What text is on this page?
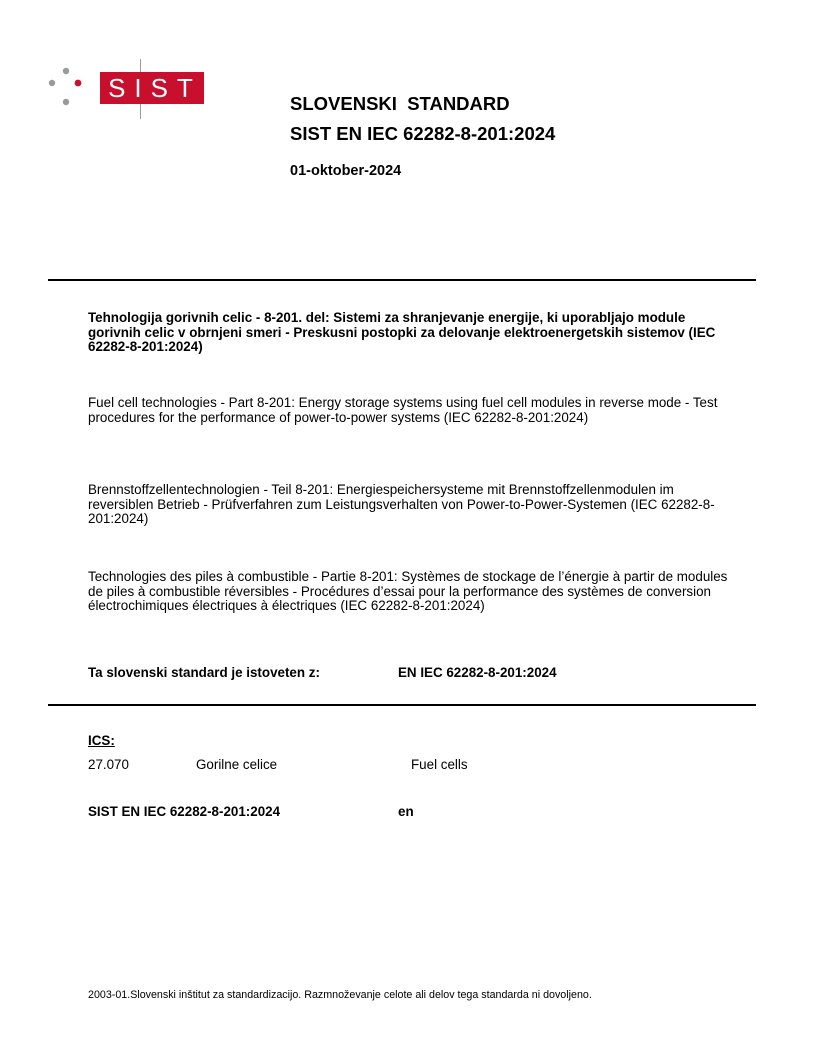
SIST
SLOVENSKI  STANDARD
SIST EN IEC 62282-8-201:2024
01-oktober-2024
Tehnologija gorivnih celic - 8-201. del: Sistemi za shranjevanje energije, ki uporabljajo module gorivnih celic v obrnjeni smeri - Preskusni postopki za delovanje elektroenergetskih sistemov (IEC 62282-8-201:2024)
Fuel cell technologies - Part 8-201: Energy storage systems using fuel cell modules in reverse mode - Test procedures for the performance of power-to-power systems (IEC 62282-8-201:2024)
Brennstoffzellentechnologien - Teil 8-201: Energiespeichersysteme mit Brennstoffzellenmodulen im reversiblen Betrieb - Prüfverfahren zum Leistungsverhalten von Power-to-Power-Systemen (IEC 62282-8-201:2024)
Technologies des piles à combustible - Partie 8-201: Systèmes de stockage de l’énergie à partir de modules de piles à combustible réversibles - Procédures d’essai pour la performance des systèmes de conversion électrochimiques électriques à électriques (IEC 62282-8-201:2024)
Ta slovenski standard je istoveten z:	EN IEC 62282-8-201:2024
ICS:
27.070	Gorilne celice	Fuel cells
SIST EN IEC 62282-8-201:2024	en
2003-01.Slovenski inštitut za standardizacijo. Razmnoževanje celote ali delov tega standarda ni dovoljeno.
